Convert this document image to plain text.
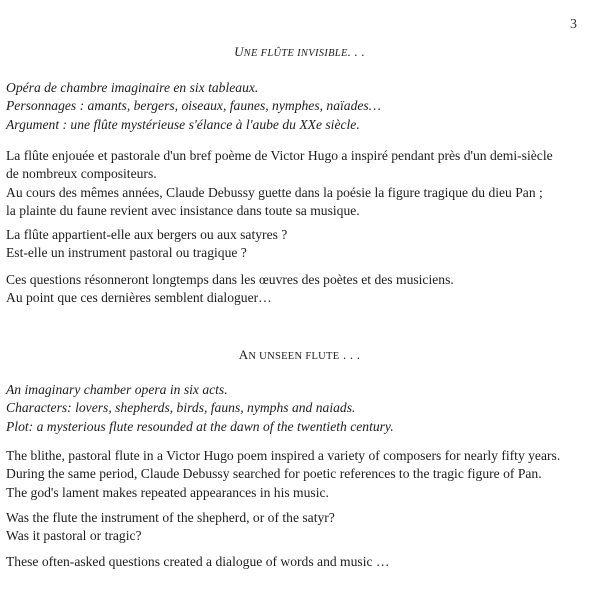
3
UNE FLÛTE INVISIBLE. . .

Opéra de chambre imaginaire en six tableaux.

Personnages : amants, bergers, oiseaux, faunes, nymphes, naïades…

Argument : une flûte mystérieuse s'élance à l'aube du XXe siècle.

La flûte enjouée et pastorale d'un bref poème de Victor Hugo a inspiré pendant près d'un demi-siècle

de nombreux compositeurs.

Au cours des mêmes années, Claude Debussy guette dans la poésie la figure tragique du dieu Pan ;

la plainte du faune revient avec insistance dans toute sa musique.

La flûte appartient-elle aux bergers ou aux satyres ?

Est-elle un instrument pastoral ou tragique ?

Ces questions résonneront longtemps dans les œuvres des poètes et des musiciens.

Au point que ces dernières semblent dialoguer…

AN UNSEEN FLUTE . . .

An imaginary chamber opera in six acts.

Characters: lovers, shepherds, birds, fauns, nymphs and naiads.

Plot: a mysterious flute resounded at the dawn of the twentieth century.

The blithe, pastoral flute in a Victor Hugo poem inspired a variety of composers for nearly fifty years.

During the same period, Claude Debussy searched for poetic references to the tragic figure of Pan.

The god's lament makes repeated appearances in his music.

Was the flute the instrument of the shepherd, or of the satyr?

Was it pastoral or tragic?

These often-asked questions created a dialogue of words and music …
